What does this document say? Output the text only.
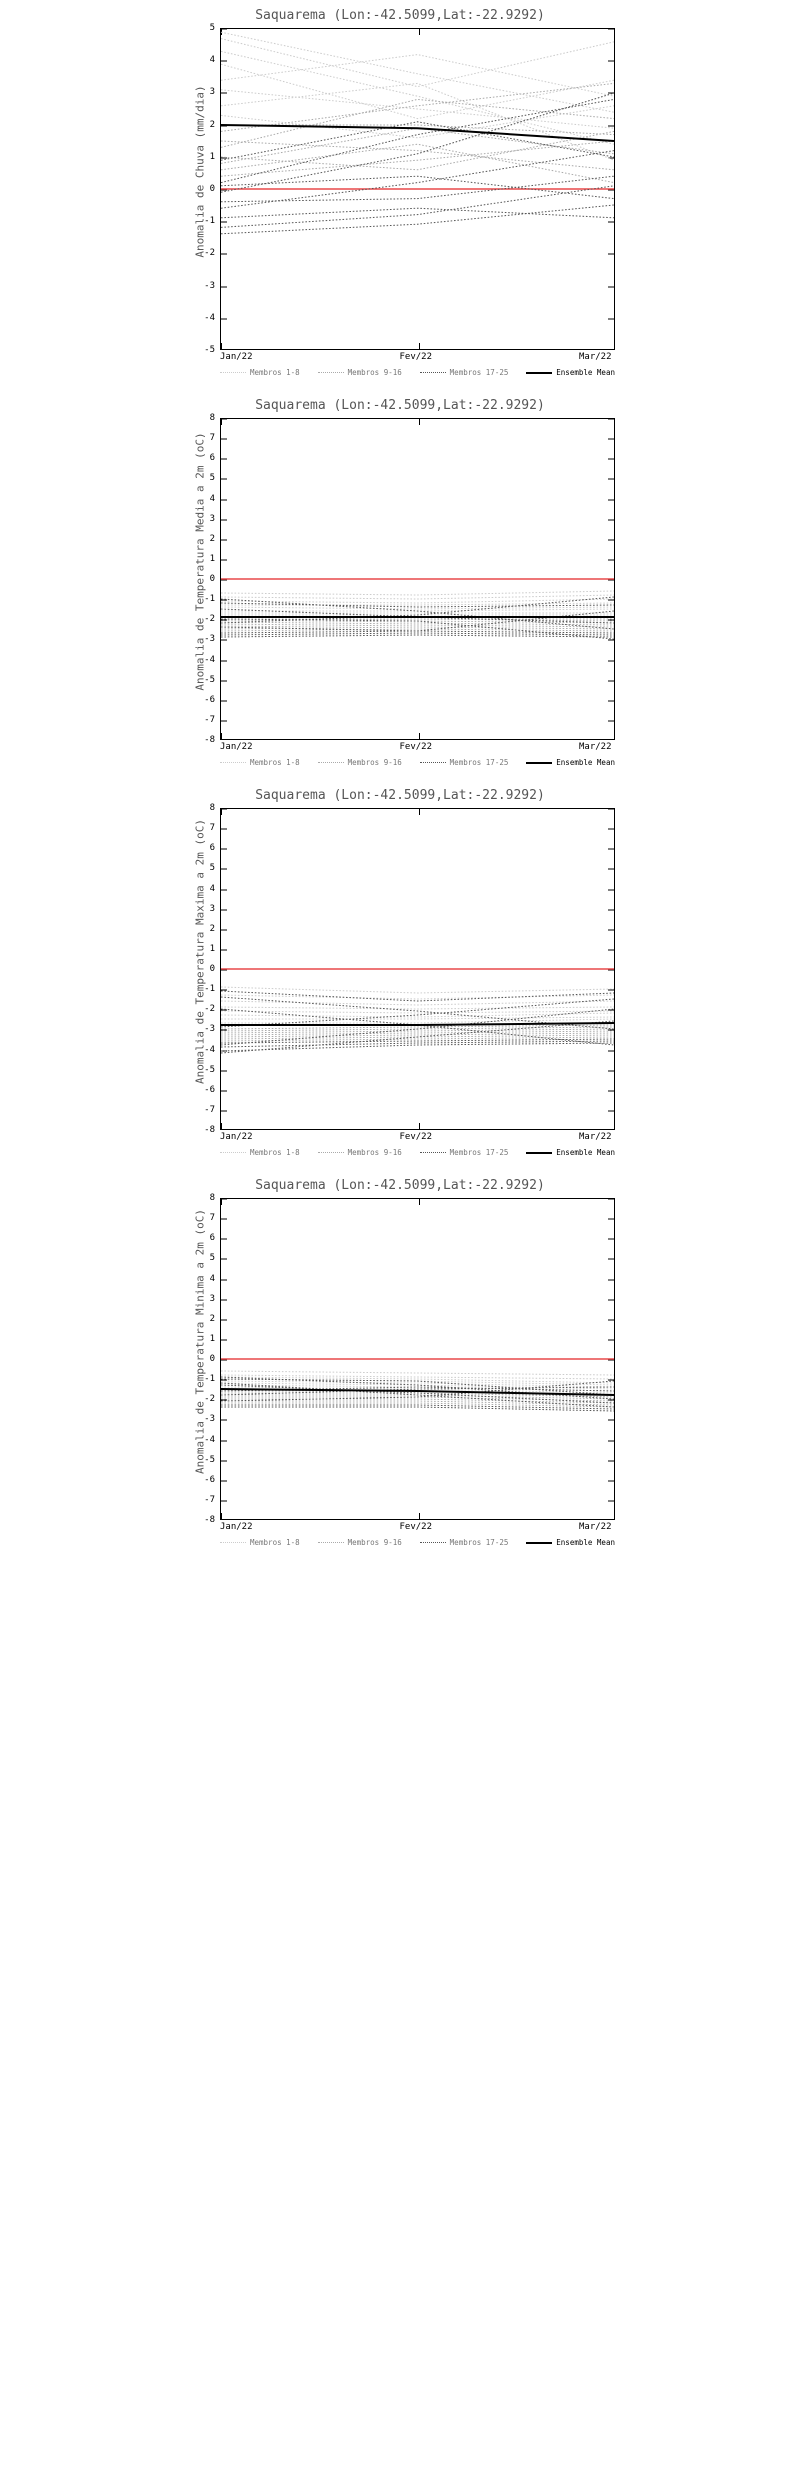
Saquarema (Lon:-42.5099,Lat:-22.9292)
Anomalia de Chuva (mm/dia)
5
4
3
2
1
0
-1
-2
-3
-4
-5
Jan/22	Fev/22	Mar/22
Membros 1-8	Membros 9-16	Membros 17-25	Ensemble Mean
Saquarema (Lon:-42.5099,Lat:-22.9292)
Anomalia de Temperatura Media a 2m (oC)
8
7
6
5
4
3
2
1
0
-1
-2
-3
-4
-5
-6
-7
-8
Jan/22	Fev/22	Mar/22
Membros 1-8	Membros 9-16	Membros 17-25	Ensemble Mean
Saquarema (Lon:-42.5099,Lat:-22.9292)
Anomalia de Temperatura Maxima a 2m (oC)
8
7
6
5
4
3
2
1
0
-1
-2
-3
-4
-5
-6
-7
-8
Jan/22	Fev/22	Mar/22
Membros 1-8	Membros 9-16	Membros 17-25	Ensemble Mean
Saquarema (Lon:-42.5099,Lat:-22.9292)
Anomalia de Temperatura Minima a 2m (oC)
8
7
6
5
4
3
2
1
0
-1
-2
-3
-4
-5
-6
-7
-8
Jan/22	Fev/22	Mar/22
Membros 1-8	Membros 9-16	Membros 17-25	Ensemble Mean
